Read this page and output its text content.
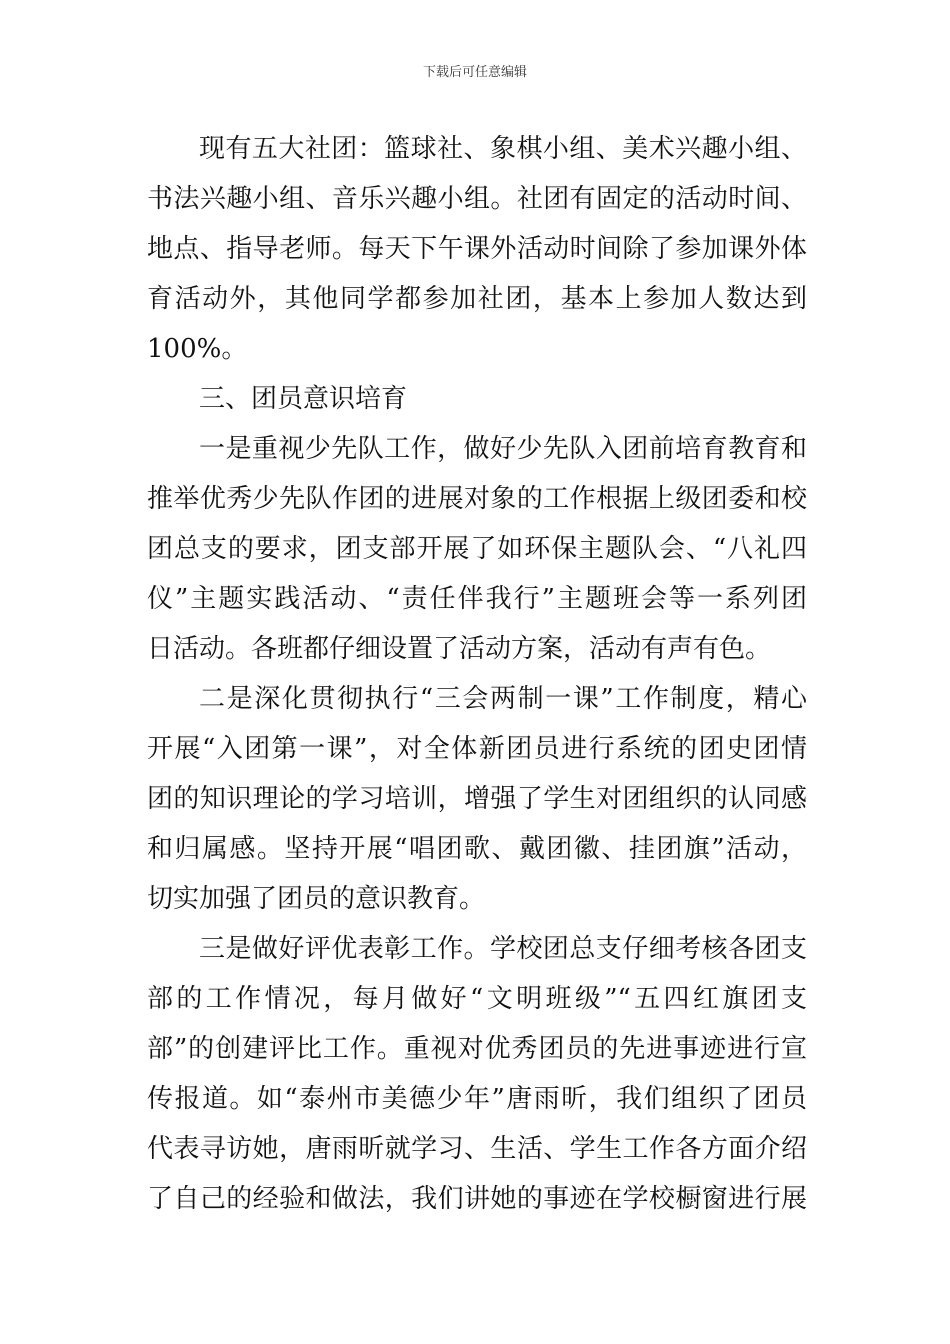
下载后可任意编辑
现有五大社团：篮球社、象棋小组、美术兴趣小组、
书法兴趣小组、音乐兴趣小组。社团有固定的活动时间、
地点、指导老师。每天下午课外活动时间除了参加课外体
育活动外，其他同学都参加社团，基本上参加人数达到
100%。
三、团员意识培育
一是重视少先队工作，做好少先队入团前培育教育和
推举优秀少先队作团的进展对象的工作根据上级团委和校
团总支的要求，团支部开展了如环保主题队会、“八礼四
仪”主题实践活动、“责任伴我行”主题班会等一系列团
日活动。各班都仔细设置了活动方案，活动有声有色。
二是深化贯彻执行“三会两制一课”工作制度，精心
开展“入团第一课”，对全体新团员进行系统的团史团情
团的知识理论的学习培训，增强了学生对团组织的认同感
和归属感。坚持开展“唱团歌、戴团徽、挂团旗”活动，
切实加强了团员的意识教育。
三是做好评优表彰工作。学校团总支仔细考核各团支
部的工作情况，每月做好“文明班级”“五四红旗团支
部”的创建评比工作。重视对优秀团员的先进事迹进行宣
传报道。如“泰州市美德少年”唐雨昕，我们组织了团员
代表寻访她，唐雨昕就学习、生活、学生工作各方面介绍
了自己的经验和做法，我们讲她的事迹在学校橱窗进行展
